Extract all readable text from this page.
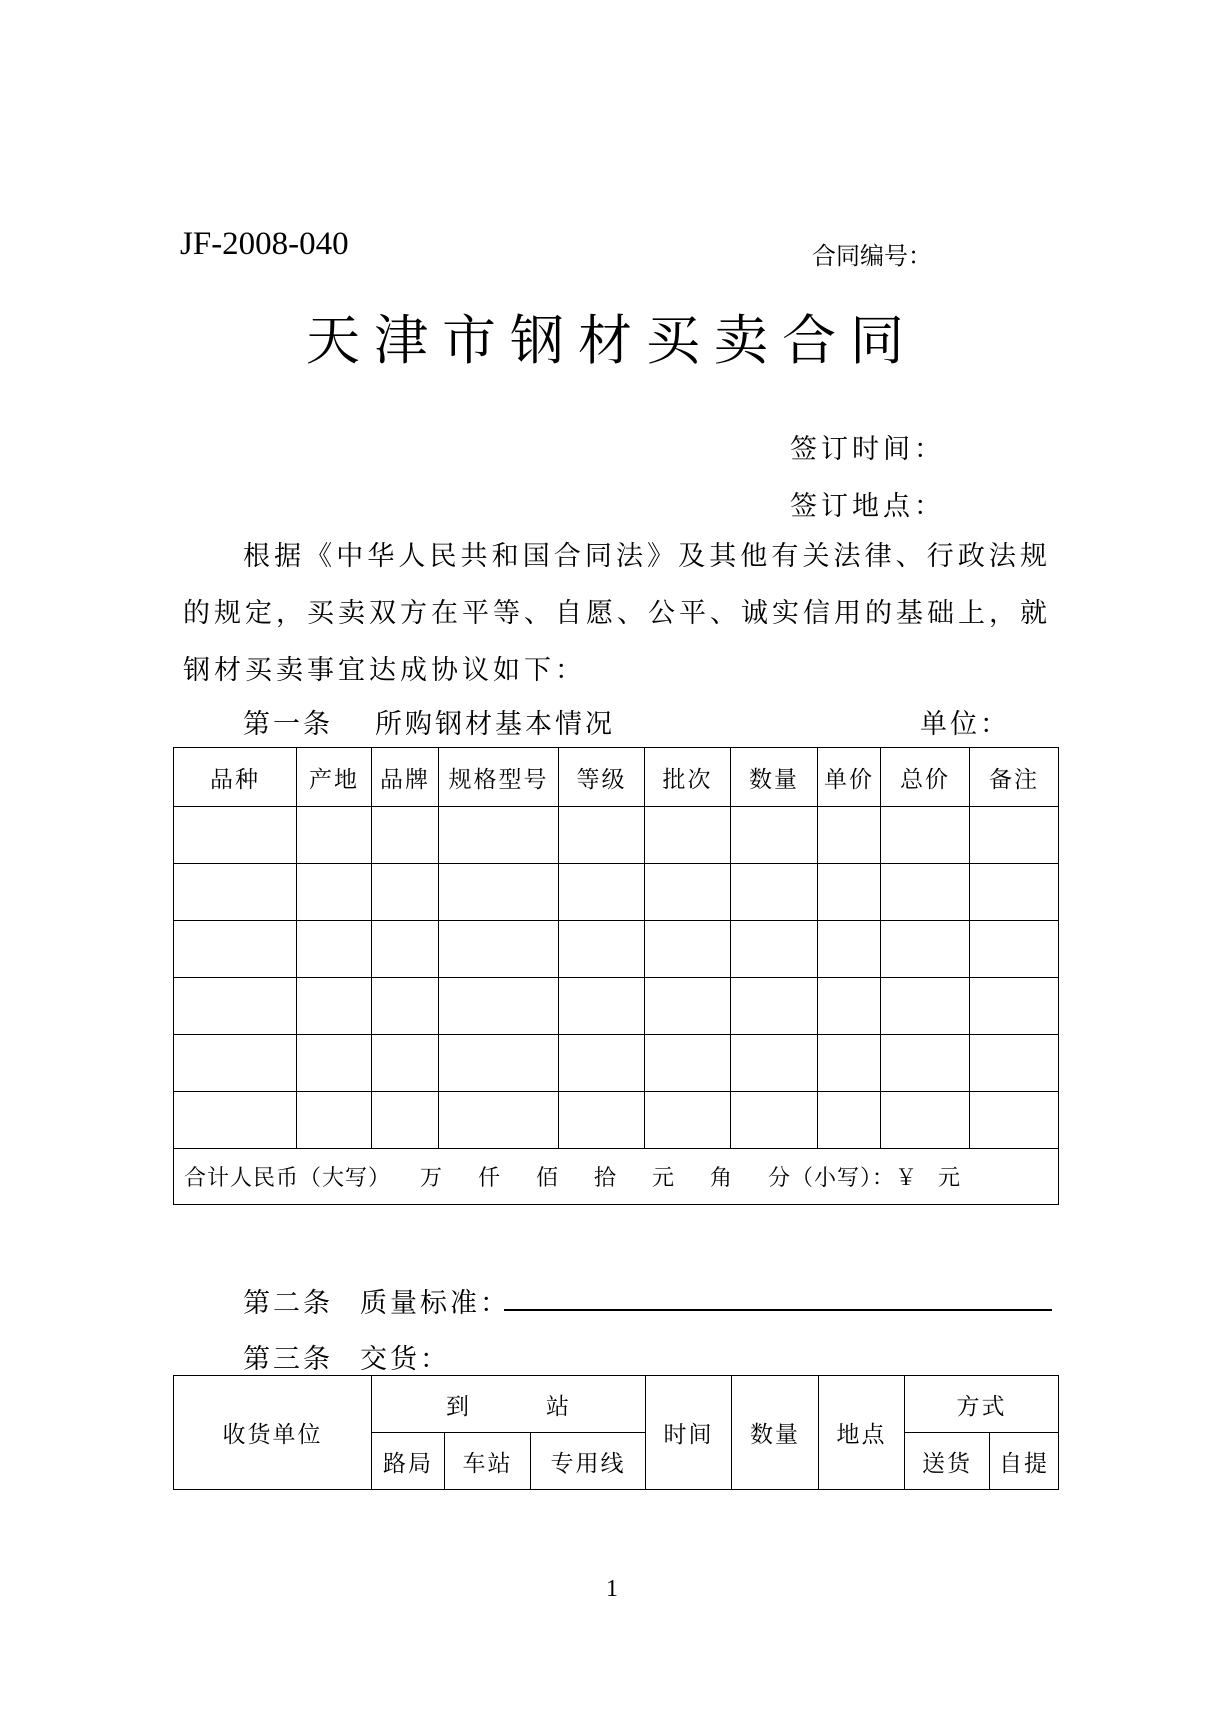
JF-2008-040	合同编号：
天津市钢材买卖合同
签订时间：
签订地点：
根据《中华人民共和国合同法》及其他有关法律、行政法规的规定，买卖双方在平等、自愿、公平、诚实信用的基础上，就钢材买卖事宜达成协议如下：
第一条 所购钢材基本情况	单位：
品种	产地	品牌	规格型号	等级	批次	数量	单价	总价	备注

合计人民币（大写） 万 仟 佰 拾 元 角 分（小写）：￥ 元									
第二条 质量标准：
第三条 交货：
收货单位	到　　　站			时间	数量	地点	方式	
	路局	车站	专用线				送货	自提
1
